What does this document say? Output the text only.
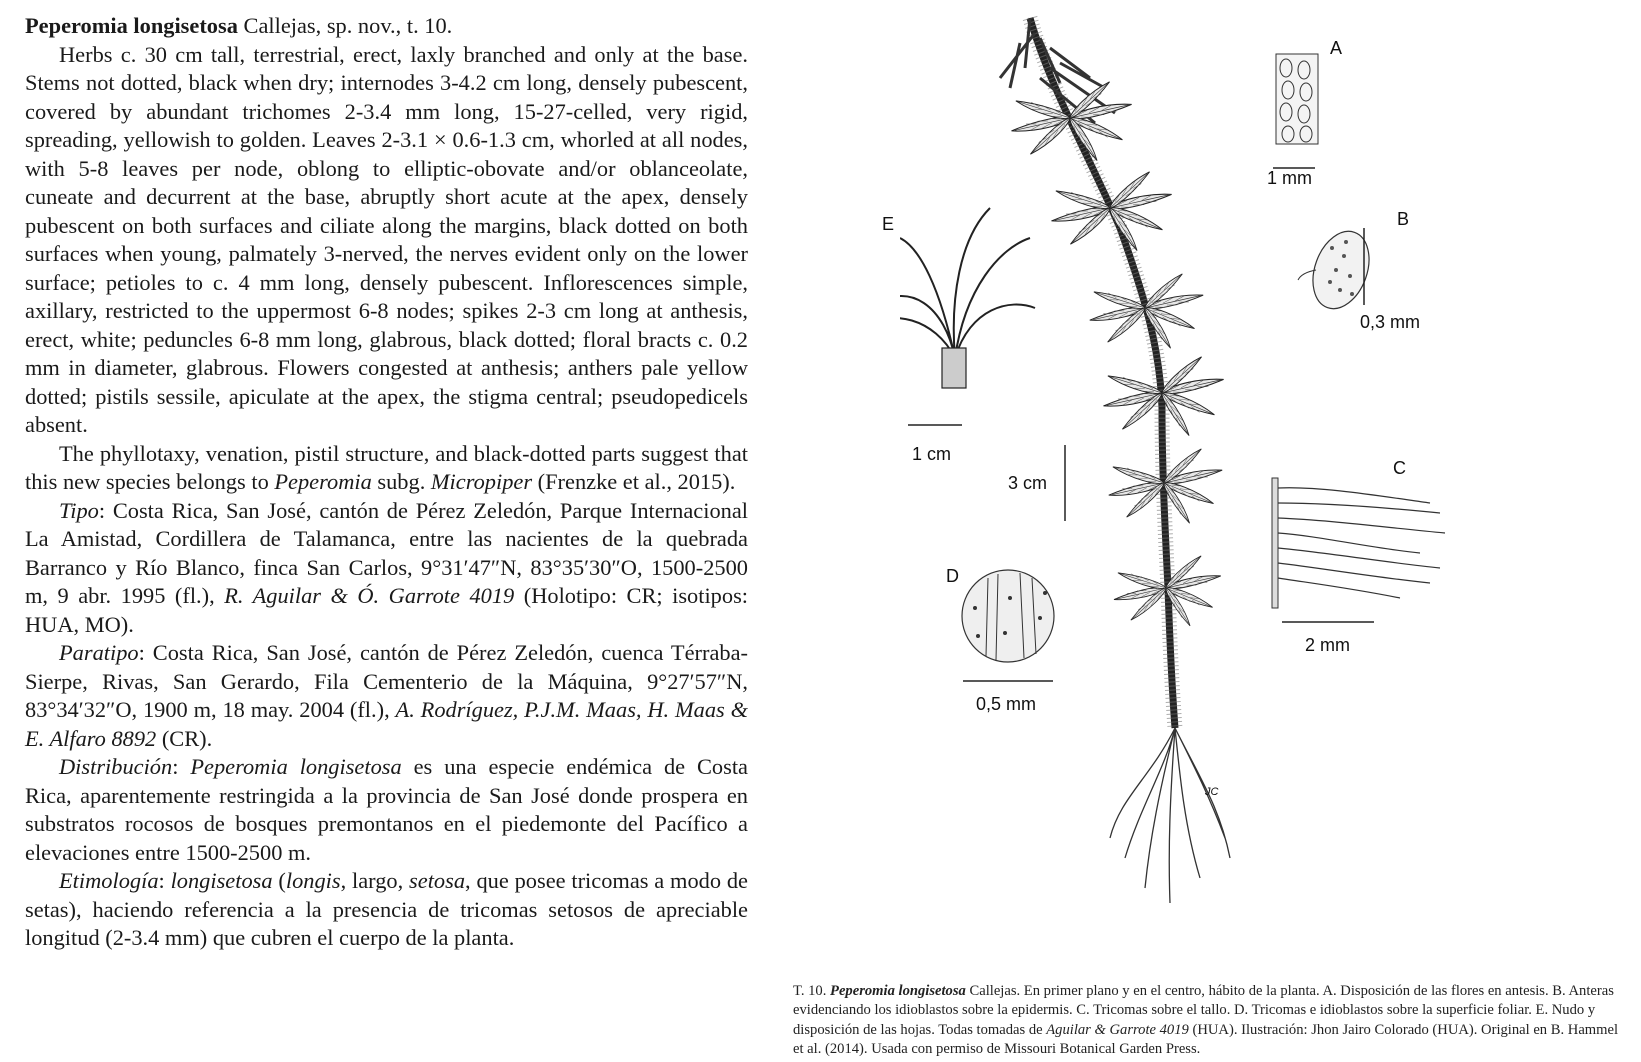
Peperomia longisetosa Callejas, sp. nov., t. 10.

Herbs c. 30 cm tall, terrestrial, erect, laxly branched and only at the base. Stems not dotted, black when dry; internodes 3-4.2 cm long, densely pubescent, covered by abundant trichomes 2-3.4 mm long, 15-27-celled, very rigid, spreading, yellowish to golden. Leaves 2-3.1 × 0.6-1.3 cm, whorled at all nodes, with 5-8 leaves per node, oblong to elliptic-obovate and/or oblanceolate, cuneate and decurrent at the base, abruptly short acute at the apex, densely pubescent on both surfaces and ciliate along the margins, black dotted on both surfaces when young, palmately 3-nerved, the nerves evident only on the lower surface; petioles to c. 4 mm long, densely pubescent. Inflorescences simple, axillary, restricted to the uppermost 6-8 nodes; spikes 2-3 cm long at anthesis, erect, white; peduncles 6-8 mm long, glabrous, black dotted; floral bracts c. 0.2 mm in diameter, glabrous. Flowers congested at anthesis; anthers pale yellow dotted; pistils sessile, apiculate at the apex, the stigma central; pseudopedicels absent.

The phyllotaxy, venation, pistil structure, and black-dotted parts suggest that this new species belongs to Peperomia subg. Micropiper (Frenzke et al., 2015).

Tipo: Costa Rica, San José, cantón de Pérez Zeledón, Parque Internacional La Amistad, Cordillera de Talamanca, entre las nacientes de la quebrada Barranco y Río Blanco, finca San Carlos, 9°31′47″N, 83°35′30″O, 1500-2500 m, 9 abr. 1995 (fl.), R. Aguilar & Ó. Garrote 4019 (Holotipo: CR; isotipos: HUA, MO).

Paratipo: Costa Rica, San José, cantón de Pérez Zeledón, cuenca Térraba-Sierpe, Rivas, San Gerardo, Fila Cementerio de la Máquina, 9°27′57″N, 83°34′32″O, 1900 m, 18 may. 2004 (fl.), A. Rodríguez, P.J.M. Maas, H. Maas & E. Alfaro 8892 (CR).

Distribución: Peperomia longisetosa es una especie endémica de Costa Rica, aparentemente restringida a la provincia de San José donde prospera en substratos rocosos de bosques premontanos en el piedemonte del Pacífico a elevaciones entre 1500-2500 m.

Etimología: longisetosa (longis, largo, setosa, que posee tricomas a modo de setas), haciendo referencia a la presencia de tricomas setosos de apreciable longitud (2-3.4 mm) que cubren el cuerpo de la planta.

A
1 mm
B
0,3 mm
C
2 mm
D
0,5 mm
E
1 cm
3 cm
JC

T. 10. Peperomia longisetosa Callejas. En primer plano y en el centro, hábito de la planta. A. Disposición de las flores en antesis. B. Anteras evidenciando los idioblastos sobre la epidermis. C. Tricomas sobre el tallo. D. Tricomas e idioblastos sobre la superficie foliar. E. Nudo y disposición de las hojas. Todas tomadas de Aguilar & Garrote 4019 (HUA). Ilustración: Jhon Jairo Colorado (HUA). Original en B. Hammel et al. (2014). Usada con permiso de Missouri Botanical Garden Press.
